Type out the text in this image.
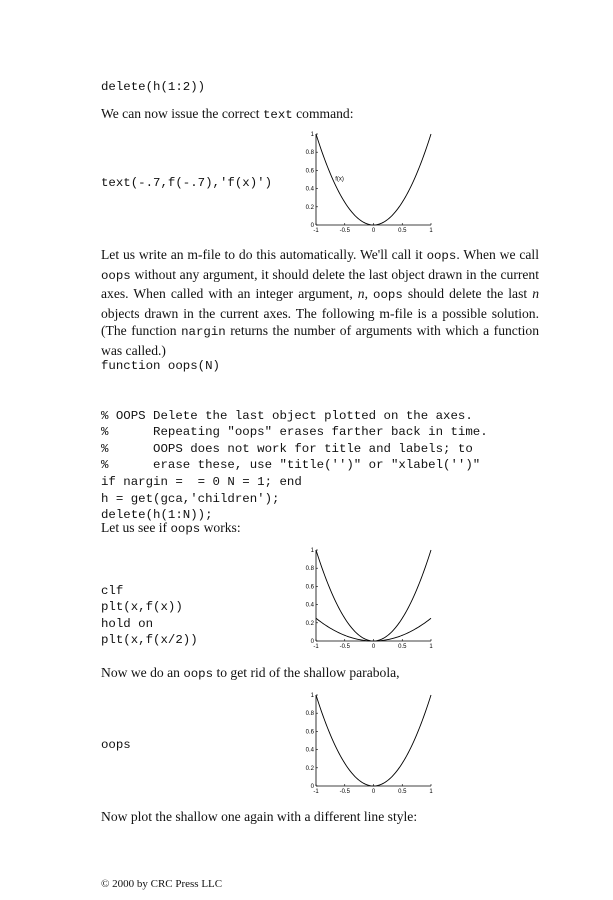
delete(h(1:2))
We can now issue the correct text command:
text(-.7,f(-.7),'f(x)')
0
0.2
0.4
0.6
0.8
1
-1	-0.5	0	0.5	1
f(x)
Let us write an m-file to do this automatically. We'll call it oops. When we call oops without any argument, it should delete the last object drawn in the current axes. When called with an integer argument, n, oops should delete the last n objects drawn in the current axes. The following m-file is a possible solution. (The function nargin returns the number of arguments with which a function was called.)
function oops(N)

% OOPS Delete the last object plotted on the axes.
%      Repeating "oops" erases farther back in time.
%      OOPS does not work for title and labels; to
%      erase these, use "title('')" or "xlabel('')"
if nargin =  = 0 N = 1; end
h = get(gca,'children');
delete(h(1:N));

Let us see if oops works:

clf
plt(x,f(x))
hold on
plt(x,f(x/2))	0
0.2
0.4
0.6
0.8
1
-1	-0.5	0	0.5	1
Now we do an oops to get rid of the shallow parabola,
oops
0
0.2
0.4
0.6
0.8
1
-1	-0.5	0	0.5	1
Now plot the shallow one again with a different line style:
© 2000 by CRC Press LLC
